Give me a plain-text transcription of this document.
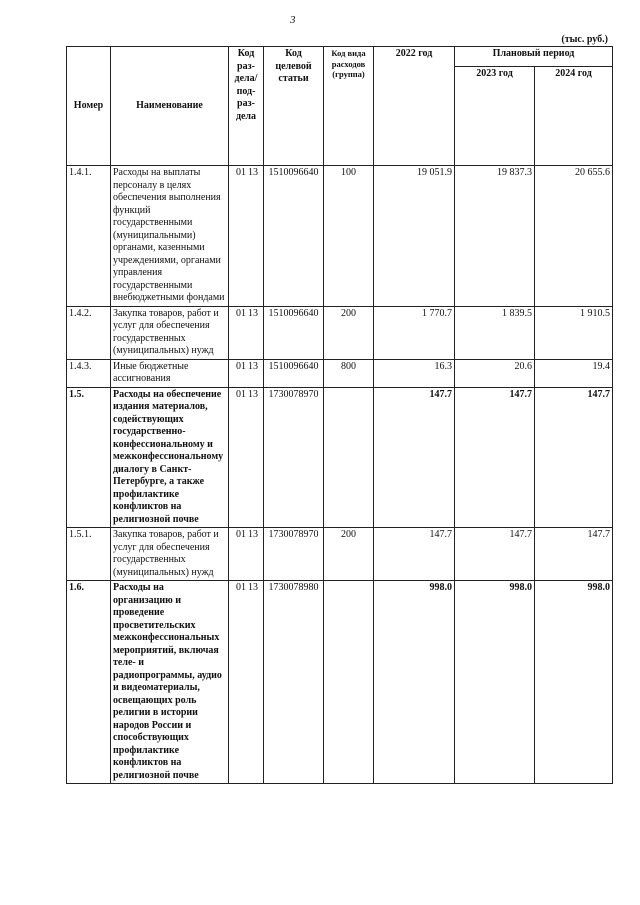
3
(тыс. руб.)
Номер	Наименование	Код раз-дела/ под-раз-дела	Код целевой статьи	Код вида расходов (группа)	2022 год	Плановый период	
						2023 год	2024 год
1.4.1.	Расходы на выплаты персоналу в целях обеспечения выполнения функций государственными (муниципальными) органами, казенными учреждениями, органами управления государственными внебюджетными фондами	01 13	1510096640	100	19 051.9	19 837.3	20 655.6
1.4.2.	Закупка товаров, работ и услуг для обеспечения государственных (муниципальных) нужд	01 13	1510096640	200	1 770.7	1 839.5	1 910.5
1.4.3.	Иные бюджетные ассигнования	01 13	1510096640	800	16.3	20.6	19.4
1.5.	Расходы на обеспечение издания материалов, содействующих государственно-конфессиональному и межконфессиональному диалогу в Санкт-Петербурге, а также профилактике конфликтов на религиозной почве	01 13	1730078970		147.7	147.7	147.7
1.5.1.	Закупка товаров, работ и услуг для обеспечения государственных (муниципальных) нужд	01 13	1730078970	200	147.7	147.7	147.7
1.6.	Расходы на организацию и проведение просветительских межконфессиональных мероприятий, включая теле- и радиопрограммы, аудио и видеоматериалы, освещающих роль религии в истории народов России и способствующих профилактике конфликтов на религиозной почве	01 13	1730078980		998.0	998.0	998.0
